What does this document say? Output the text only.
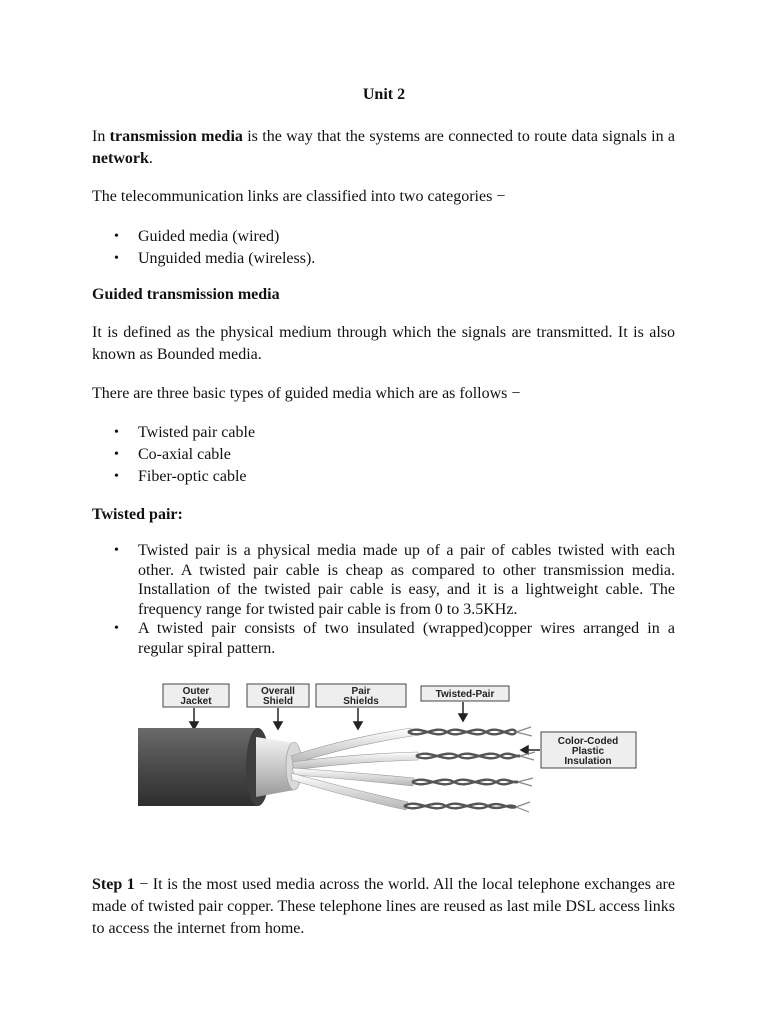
Unit 2

In transmission media is the way that the systems are connected to route data signals in a network.

The telecommunication links are classified into two categories −

• Guided media (wired)
• Unguided media (wireless).
Guided transmission media

It is defined as the physical medium through which the signals are transmitted. It is also known as Bounded media.

There are three basic types of guided media which are as follows −

• Twisted pair cable
• Co-axial cable
• Fiber-optic cable
Twisted pair:
• Twisted pair is a physical media made up of a pair of cables twisted with each other. A twisted pair cable is cheap as compared to other transmission media. Installation of the twisted pair cable is easy, and it is a lightweight cable. The frequency range for twisted pair cable is from 0 to 3.5KHz.
• A twisted pair consists of two insulated (wrapped)copper wires arranged in a regular spiral pattern.
Outer
Jacket
Overall
Shield
Pair
Shields
Twisted-Pair
Color-Coded
Plastic
Insulation

Step 1 − It is the most used media across the world. All the local telephone exchanges are made of twisted pair copper. These telephone lines are reused as last mile DSL access links to access the internet from home.
